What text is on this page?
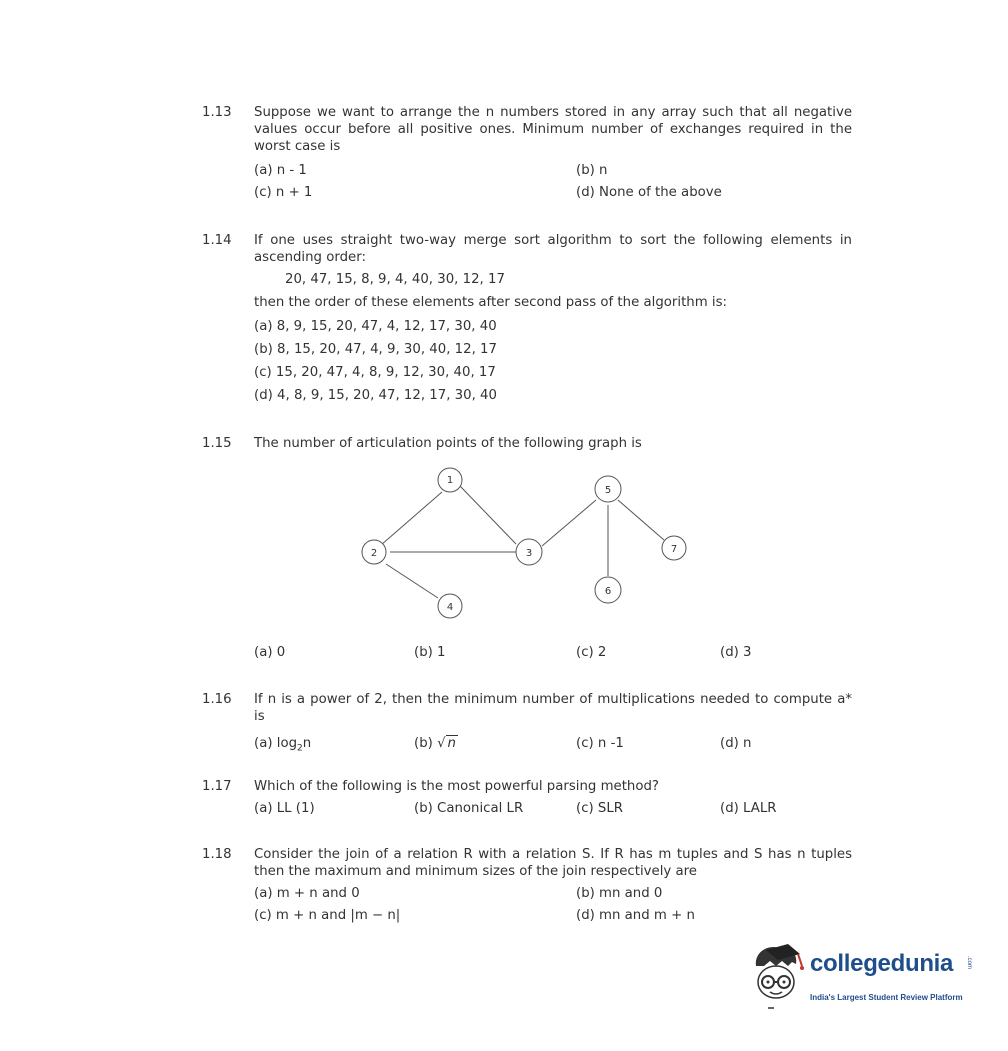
1.13 Suppose we want to arrange the n numbers stored in any array such that all negative values occur before all positive ones. Minimum number of exchanges required in the worst case is
(a) n - 1	(b) n
(c) n + 1	(d) None of the above
1.14 If one uses straight two-way merge sort algorithm to sort the following elements in ascending order:
20, 47, 15, 8, 9, 4, 40, 30, 12, 17
then the order of these elements after second pass of the algorithm is:
(a) 8, 9, 15, 20, 47, 4, 12, 17, 30, 40
(b) 8, 15, 20, 47, 4, 9, 30, 40, 12, 17
(c) 15, 20, 47, 4, 8, 9, 12, 30, 40, 17
(d) 4, 8, 9, 15, 20, 47, 12, 17, 30, 40
1.15 The number of articulation points of the following graph is
1
2	3
4
5
6
7
(a) 0	(b) 1	(c) 2	(d) 3
1.16 If n is a power of 2, then the minimum number of multiplications needed to compute a* is
(a) $\log_2n$	(b) √ n	(c) n -1	(d) n
1.17 Which of the following is the most powerful parsing method?
(a) LL (1)	(b) Canonical LR	(c) SLR	(d) LALR
1.18 Consider the join of a relation R with a relation S. If R has m tuples and S has n tuples then the maximum and minimum sizes of the join respectively are
(a) m + n and 0	(b) mn and 0
(c) m + n and |m − n|	(d) mn and m + n
collegedunia .com
India's Largest Student Review Platform
